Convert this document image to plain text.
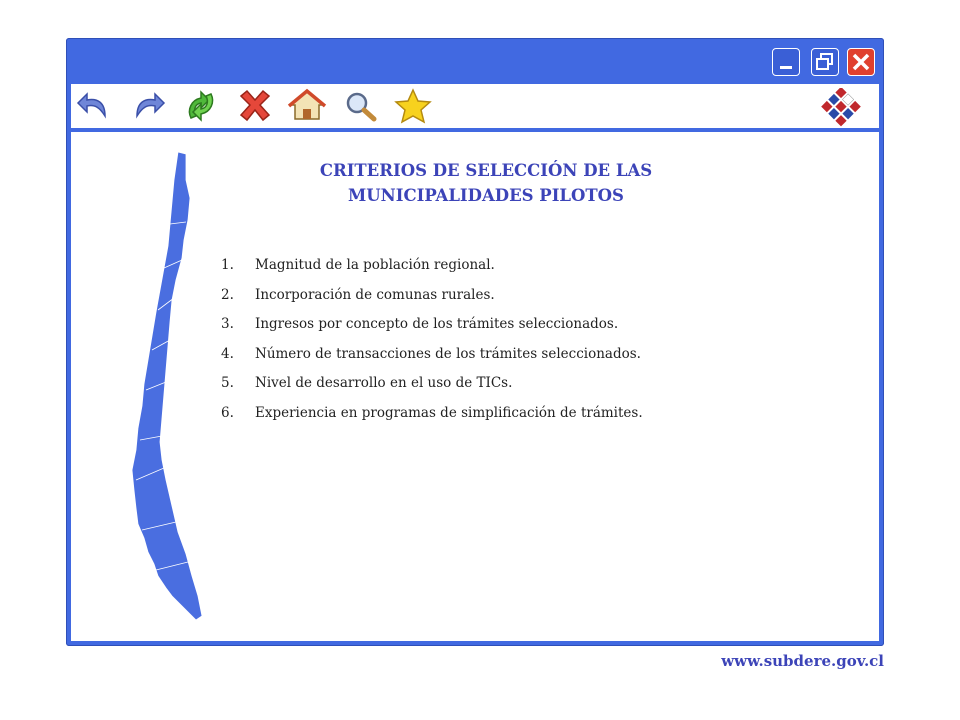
CRITERIOS DE SELECCIÓN DE LAS
MUNICIPALIDADES PILOTOS
1. Magnitud de la población regional.
2. Incorporación de comunas rurales.
3. Ingresos por concepto de los trámites seleccionados.
4. Número de transacciones de los trámites seleccionados.
5. Nivel de desarrollo en el uso de TICs.
6. Experiencia en programas de simplificación de trámites.
www.subdere.gov.cl
